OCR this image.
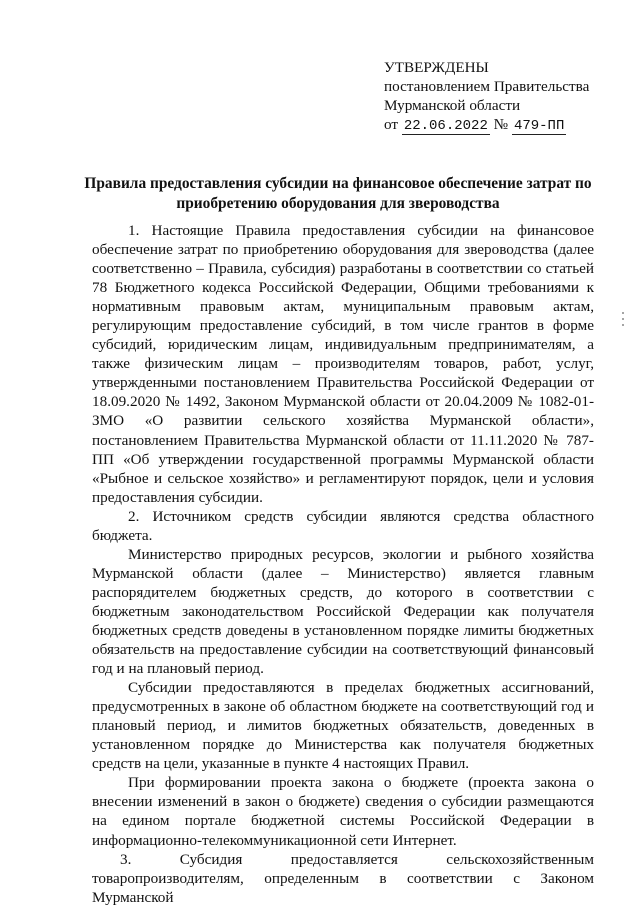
УТВЕРЖДЕНЫ
постановлением Правительства
Мурманской области
от 22.06.2022 № 479-ПП
Правила предоставления субсидии на финансовое обеспечение затрат по приобретению оборудования для звероводства

1. Настоящие Правила предоставления субсидии на финансовое обеспечение затрат по приобретению оборудования для звероводства (далее соответственно – Правила, субсидия) разработаны в соответствии со статьей 78 Бюджетного кодекса Российской Федерации, Общими требованиями к нормативным правовым актам, муниципальным правовым актам, регулирующим предоставление субсидий, в том числе грантов в форме субсидий, юридическим лицам, индивидуальным предпринимателям, а также физическим лицам – производителям товаров, работ, услуг, утвержденными постановлением Правительства Российской Федерации от 18.09.2020 № 1492, Законом Мурманской области от 20.04.2009 № 1082-01-ЗМО «О развитии сельского хозяйства Мурманской области», постановлением Правительства Мурманской области от 11.11.2020 № 787-ПП «Об утверждении государственной программы Мурманской области «Рыбное и сельское хозяйство» и регламентируют порядок, цели и условия предоставления субсидии.

2. Источником средств субсидии являются средства областного бюджета.

Министерство природных ресурсов, экологии и рыбного хозяйства Мурманской области (далее – Министерство) является главным распорядителем бюджетных средств, до которого в соответствии с бюджетным законодательством Российской Федерации как получателя бюджетных средств доведены в установленном порядке лимиты бюджетных обязательств на предоставление субсидии на соответствующий финансовый год и на плановый период.

Субсидии предоставляются в пределах бюджетных ассигнований, предусмотренных в законе об областном бюджете на соответствующий год и плановый период, и лимитов бюджетных обязательств, доведенных в установленном порядке до Министерства как получателя бюджетных средств на цели, указанные в пункте 4 настоящих Правил.

При формировании проекта закона о бюджете (проекта закона о внесении изменений в закон о бюджете) сведения о субсидии размещаются на едином портале бюджетной системы Российской Федерации в информационно-телекоммуникационной сети Интернет.

3. Субсидия предоставляется сельскохозяйственным товаропроизводителям, определенным в соответствии с Законом Мурманской
